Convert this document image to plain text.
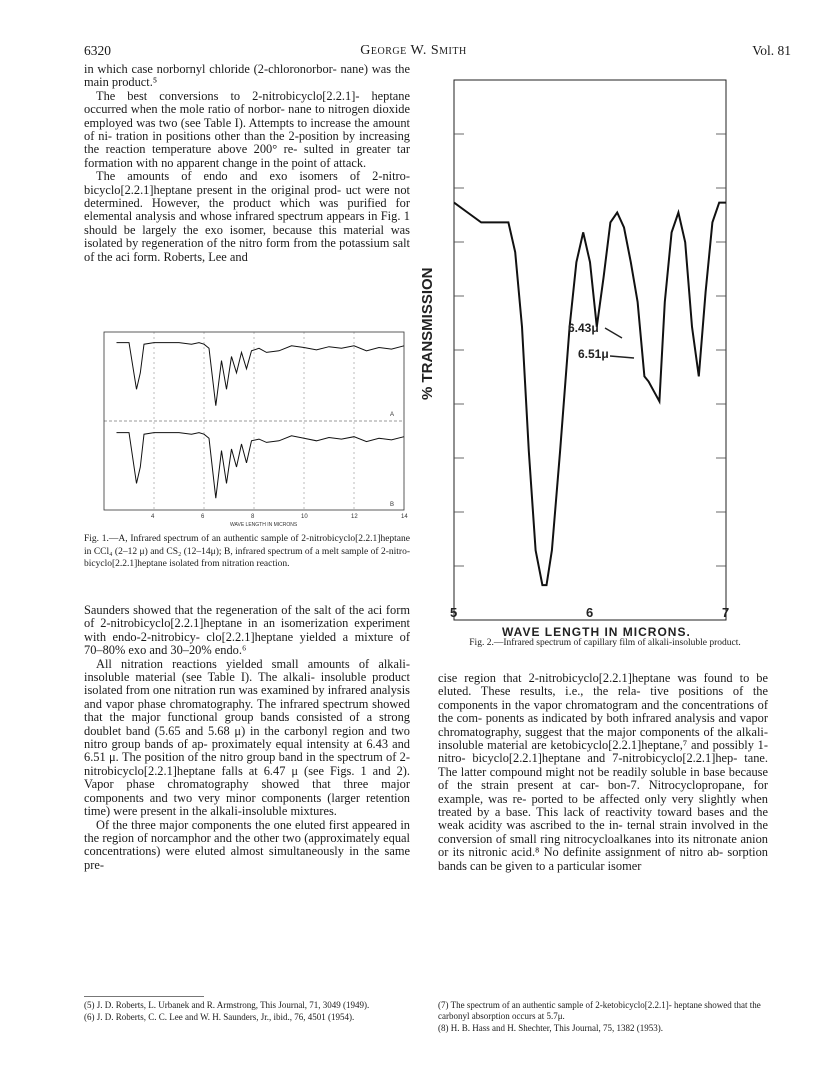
6320	George W. Smith	Vol. 81

in which case norbornyl chloride (2-chloronorbor- nane) was the main product.⁵

The best conversions to 2-nitrobicyclo[2.2.1]- heptane occurred when the mole ratio of norbor- nane to nitrogen dioxide employed was two (see Table I). Attempts to increase the amount of ni- tration in positions other than the 2-position by increasing the reaction temperature above 200° re- sulted in greater tar formation with no apparent change in the point of attack.

The amounts of endo and exo isomers of 2-nitro- bicyclo[2.2.1]heptane present in the original prod- uct were not determined. However, the product which was purified for elemental analysis and whose infrared spectrum appears in Fig. 1 should be largely the exo isomer, because this material was isolated by regeneration of the nitro form from the potassium salt of the aci form. Roberts, Lee and

A
B
4	6	8	10	12	14
WAVE LENGTH IN MICRONS
Fig. 1.—A, Infrared spectrum of an authentic sample of 2-nitrobicyclo[2.2.1]heptane in CCl₄ (2–12 μ) and CS₂ (12–14μ); B, infrared spectrum of a melt sample of 2-nitro- bicyclo[2.2.1]heptane isolated from nitration reaction.

Saunders showed that the regeneration of the salt of the aci form of 2-nitrobicyclo[2.2.1]heptane in an isomerization experiment with endo-2-nitrobicy- clo[2.2.1]heptane yielded a mixture of 70–80% exo and 30–20% endo.⁶

All nitration reactions yielded small amounts of alkali-insoluble material (see Table I). The alkali- insoluble product isolated from one nitration run was examined by infrared analysis and vapor phase chromatography. The infrared spectrum showed that the major functional group bands consisted of a strong doublet band (5.65 and 5.68 μ) in the carbonyl region and two nitro group bands of ap- proximately equal intensity at 6.43 and 6.51 μ. The position of the nitro group band in the spectrum of 2-nitrobicyclo[2.2.1]heptane falls at 6.47 μ (see Figs. 1 and 2). Vapor phase chromatography showed that three major components and two very minor components (larger retention time) were present in the alkali-insoluble mixtures.

Of the three major components the one eluted first appeared in the region of norcamphor and the other two (approximately equal concentrations) were eluted almost simultaneously in the same pre-

% TRANSMISSION	6.43μ
6.51μ
5	6	7
WAVE LENGTH IN MICRONS.
Fig. 2.—Infrared spectrum of capillary film of alkali-insoluble product.

cise region that 2-nitrobicyclo[2.2.1]heptane was found to be eluted. These results, i.e., the rela- tive positions of the components in the vapor chromatogram and the concentrations of the com- ponents as indicated by both infrared analysis and vapor chromatography, suggest that the major components of the alkali-insoluble material are ketobicyclo[2.2.1]heptane,⁷ and possibly 1-nitro- bicyclo[2.2.1]heptane and 7-nitrobicyclo[2.2.1]hep- tane. The latter compound might not be readily soluble in base because of the strain present at car- bon-7. Nitrocyclopropane, for example, was re- ported to be affected only very slightly when treated by a base. This lack of reactivity toward bases and the weak acidity was ascribed to the in- ternal strain involved in the conversion of small ring nitrocycloalkanes into its nitronate anion or its nitronic acid.⁸ No definite assignment of nitro ab- sorption bands can be given to a particular isomer

(5) J. D. Roberts, L. Urbanek and R. Armstrong, This Journal, 71, 3049 (1949).
(6) J. D. Roberts, C. C. Lee and W. H. Saunders, Jr., ibid., 76, 4501 (1954).
(7) The spectrum of an authentic sample of 2-ketobicyclo[2.2.1]- heptane showed that the carbonyl absorption occurs at 5.7μ.
(8) H. B. Hass and H. Shechter, This Journal, 75, 1382 (1953).
